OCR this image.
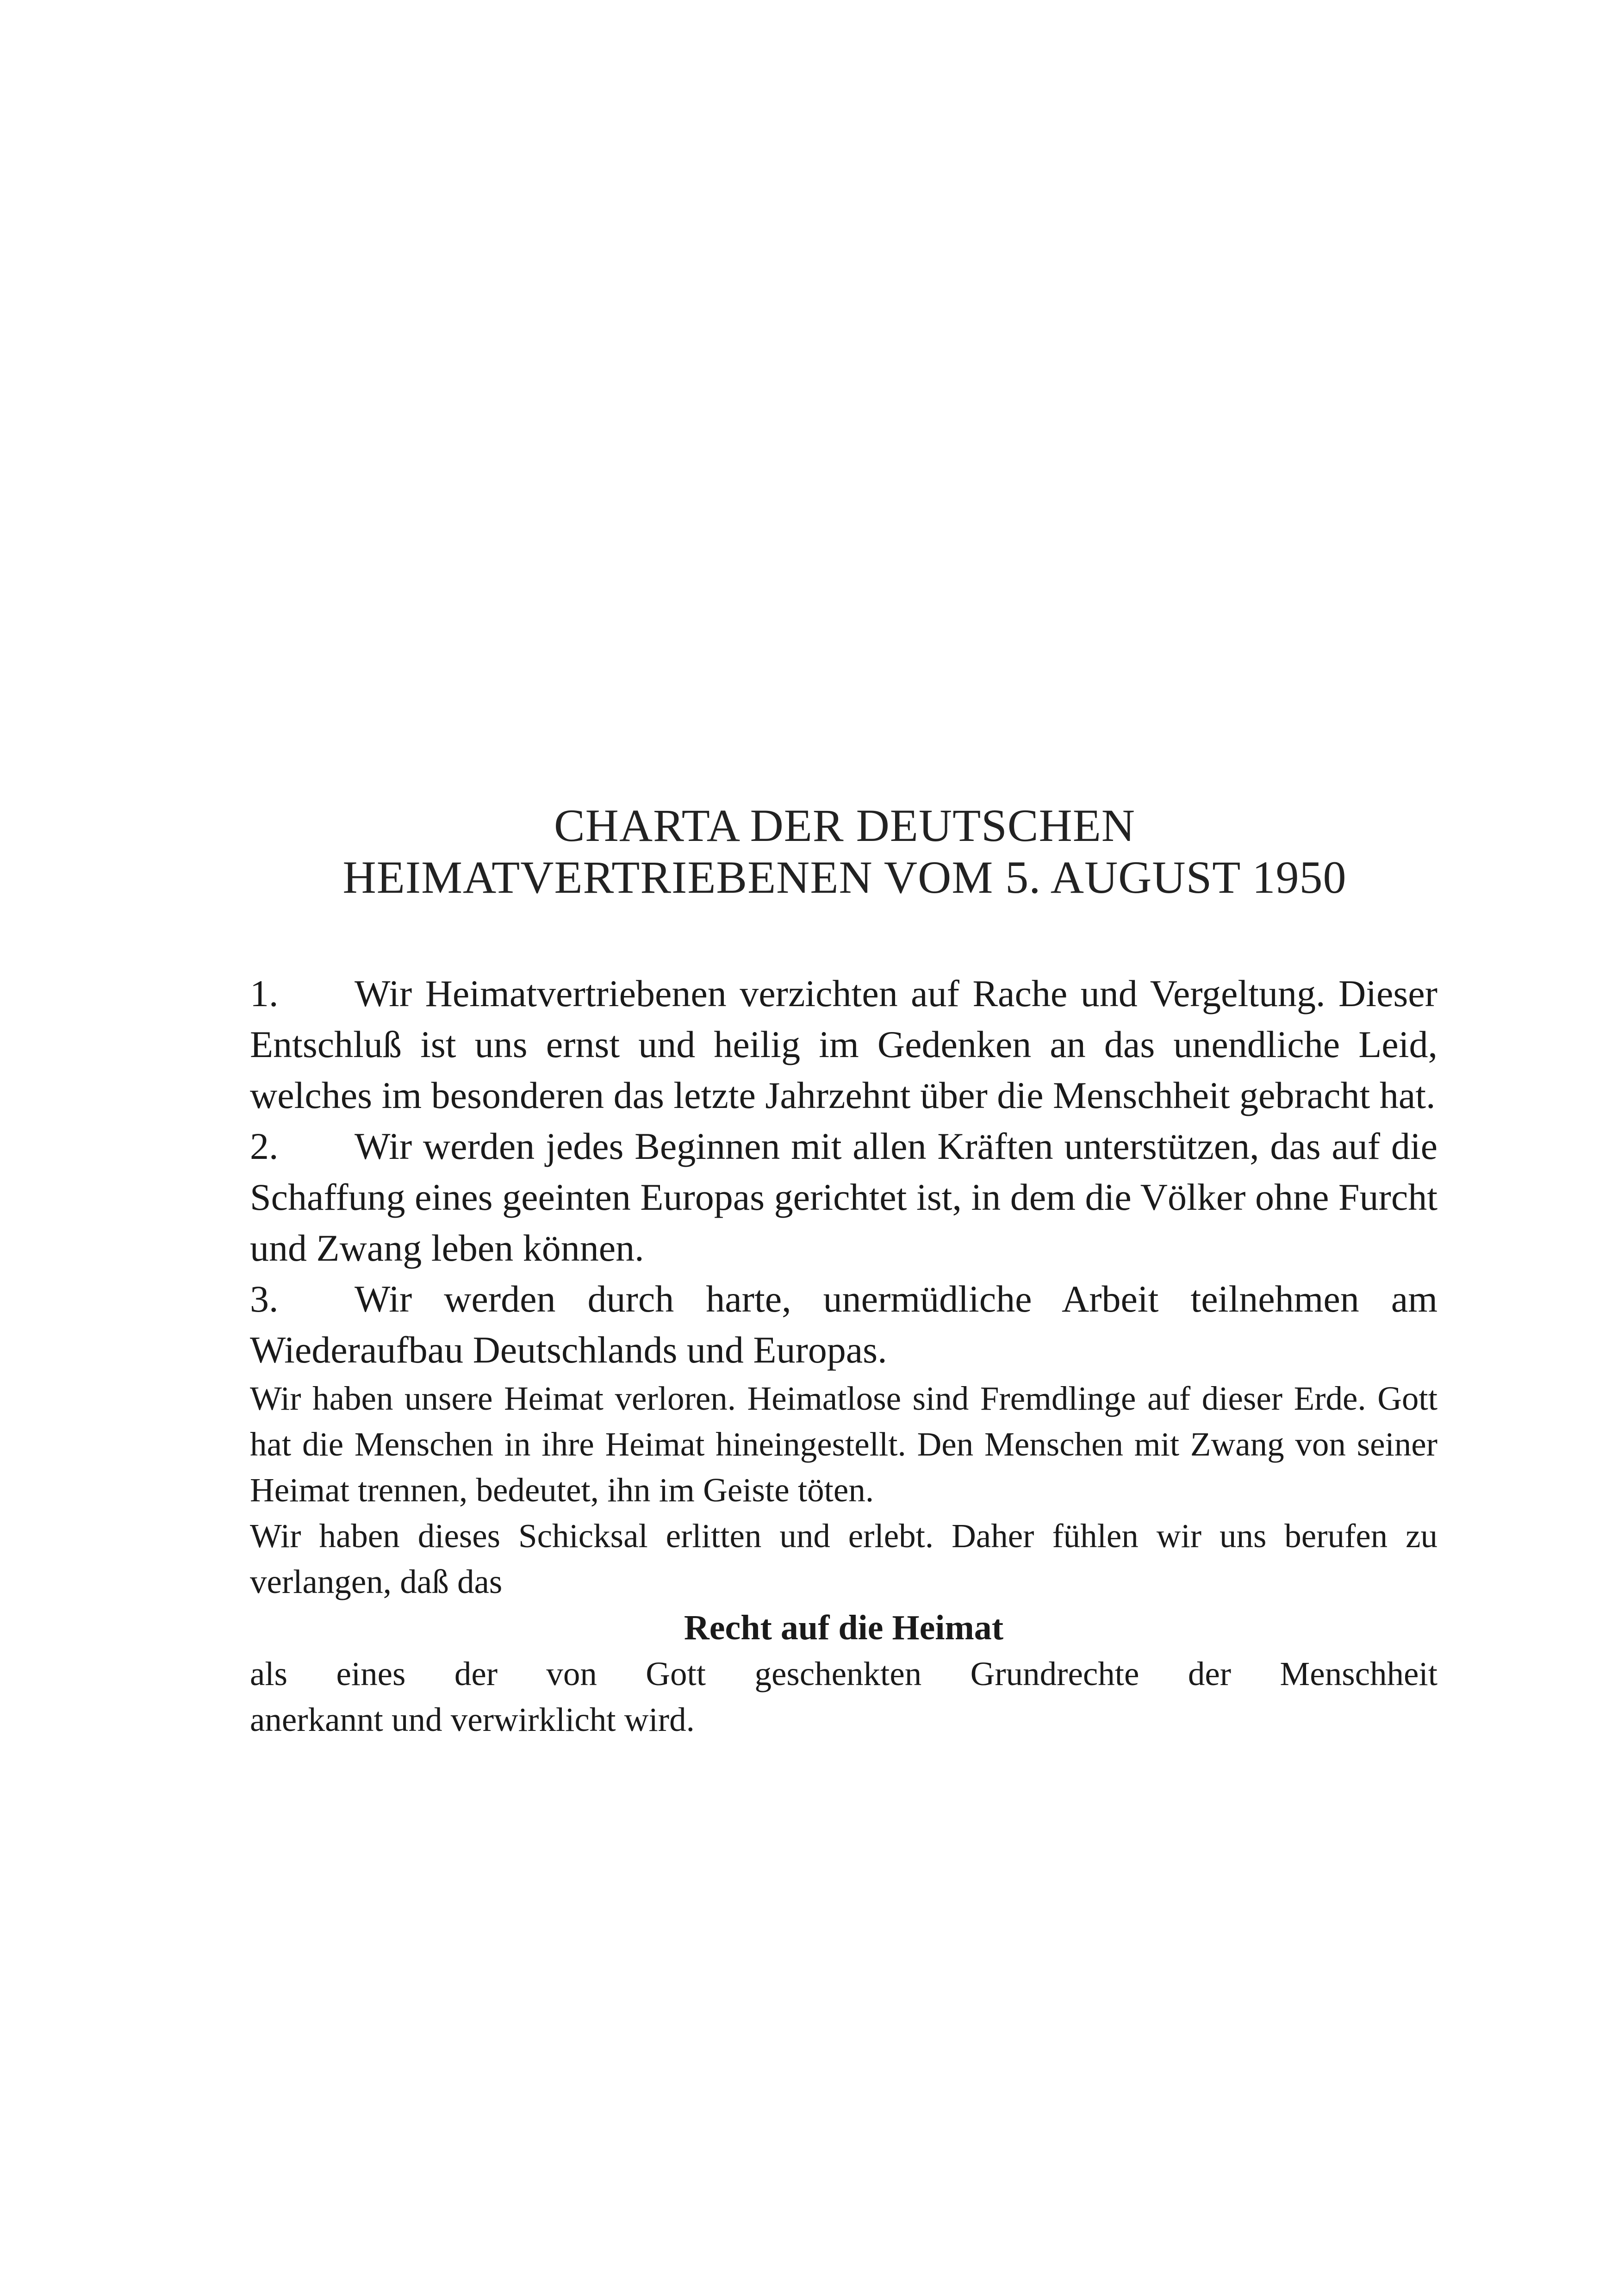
CHARTA DER DEUTSCHEN
HEIMATVERTRIEBENEN VOM 5. AUGUST 1950

1. Wir Heimatvertriebenen verzichten auf Rache und Vergeltung. Dieser Entschluß ist uns ernst und heilig im Gedenken an das unendliche Leid, welches im besonderen das letzte Jahrzehnt über die Menschheit gebracht hat.

2. Wir werden jedes Beginnen mit allen Kräften unterstützen, das auf die Schaffung eines geeinten Europas gerichtet ist, in dem die Völker ohne Furcht und Zwang leben können.

3. Wir werden durch harte, unermüdliche Arbeit teilnehmen am Wiederaufbau Deutschlands und Europas.

Wir haben unsere Heimat verloren. Heimatlose sind Fremdlinge auf dieser Erde. Gott hat die Menschen in ihre Heimat hineingestellt. Den Menschen mit Zwang von seiner Heimat trennen, bedeutet, ihn im Geiste töten.

Wir haben dieses Schicksal erlitten und erlebt. Daher fühlen wir uns berufen zu verlangen, daß das

Recht auf die Heimat

als eines der von Gott geschenkten Grundrechte der Menschheit

anerkannt und verwirklicht wird.
